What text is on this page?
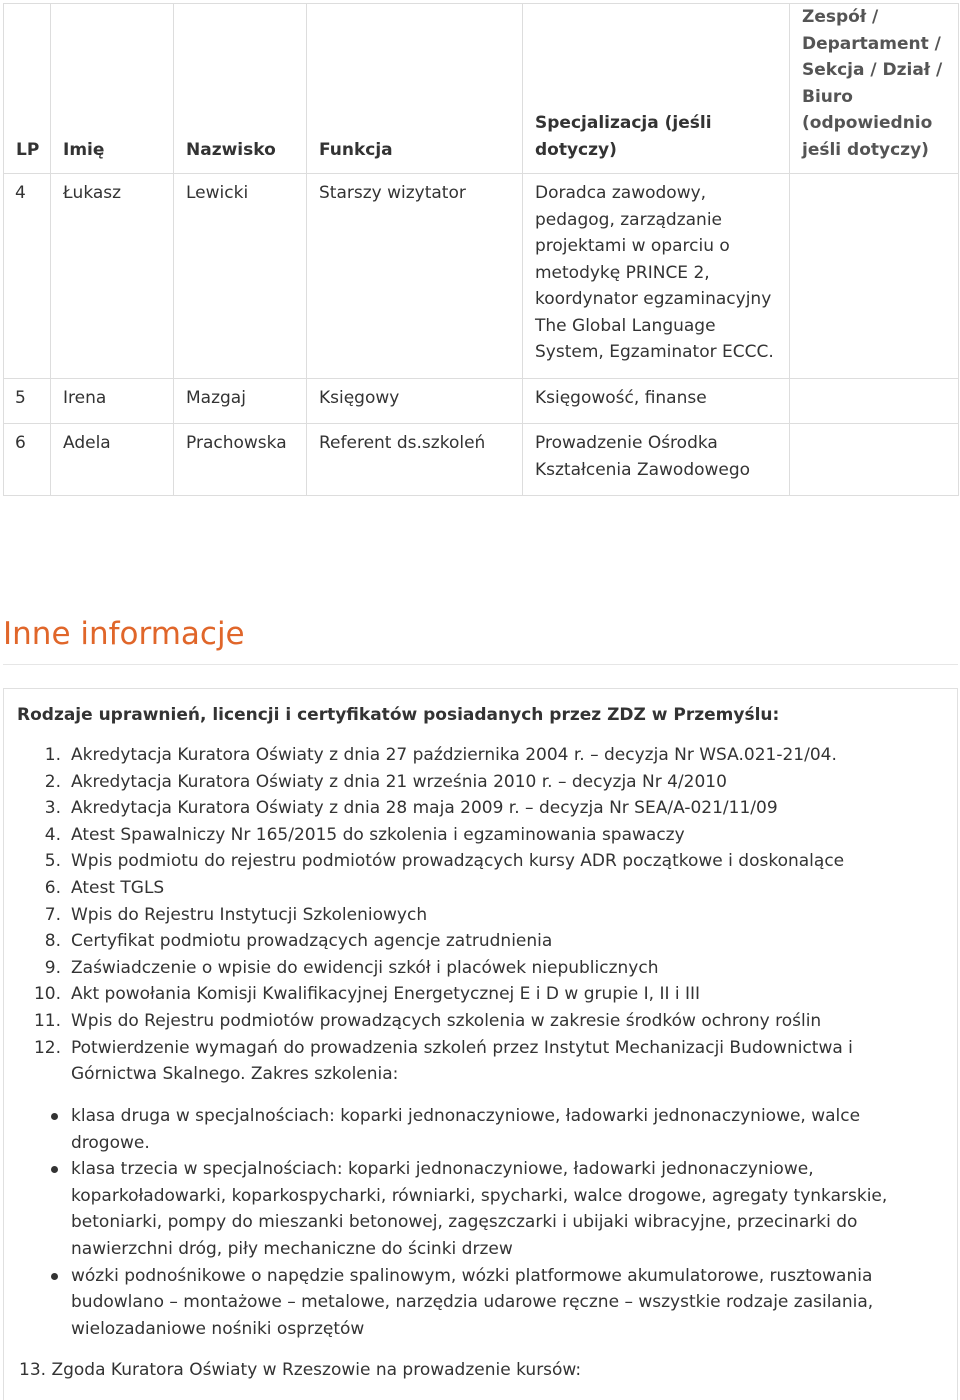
LP	Imię	Nazwisko	Funkcja	Specjalizacja (jeśli dotyczy)	Zespół / Departament / Sekcja / Dział / Biuro (odpowiednio jeśli dotyczy)
4	Łukasz	Lewicki	Starszy wizytator	Doradca zawodowy, pedagog, zarządzanie projektami w oparciu o metodykę PRINCE 2, koordynator egzaminacyjny The Global Language System, Egzaminator ECCC.	
5	Irena	Mazgaj	Księgowy	Księgowość, finanse	
6	Adela	Prachowska	Referent ds.szkoleń	Prowadzenie Ośrodka Kształcenia Zawodowego	
Inne informacje
Rodzaje uprawnień, licencji i certyfikatów posiadanych przez ZDZ w Przemyślu:
1. Akredytacja Kuratora Oświaty z dnia 27 października 2004 r. – decyzja Nr WSA.021-21/04.
2. Akredytacja Kuratora Oświaty z dnia 21 września 2010 r. – decyzja Nr 4/2010
3. Akredytacja Kuratora Oświaty z dnia 28 maja 2009 r. – decyzja Nr SEA/A-021/11/09
4. Atest Spawalniczy Nr 165/2015 do szkolenia i egzaminowania spawaczy
5. Wpis podmiotu do rejestru podmiotów prowadzących kursy ADR początkowe i doskonalące
6. Atest TGLS
7. Wpis do Rejestru Instytucji Szkoleniowych
8. Certyfikat podmiotu prowadzących agencje zatrudnienia
9. Zaświadczenie o wpisie do ewidencji szkół i placówek niepublicznych
10. Akt powołania Komisji Kwalifikacyjnej Energetycznej E i D w grupie I, II i III
11. Wpis do Rejestru podmiotów prowadzących szkolenia w zakresie środków ochrony roślin
12. Potwierdzenie wymagań do prowadzenia szkoleń przez Instytut Mechanizacji Budownictwa i Górnictwa Skalnego. Zakres szkolenia:
klasa druga w specjalnościach: koparki jednonaczyniowe, ładowarki jednonaczyniowe, walce drogowe.
klasa trzecia w specjalnościach: koparki jednonaczyniowe, ładowarki jednonaczyniowe, koparkoładowarki, koparkospycharki, równiarki, spycharki, walce drogowe, agregaty tynkarskie, betoniarki, pompy do mieszanki betonowej, zagęszczarki i ubijaki wibracyjne, przecinarki do nawierzchni dróg, piły mechaniczne do ścinki drzew
wózki podnośnikowe o napędzie spalinowym, wózki platformowe akumulatorowe, rusztowania budowlano – montażowe – metalowe, narzędzia udarowe ręczne – wszystkie rodzaje zasilania, wielozadaniowe nośniki osprzętów

13. Zgoda Kuratora Oświaty w Rzeszowie na prowadzenie kursów:
